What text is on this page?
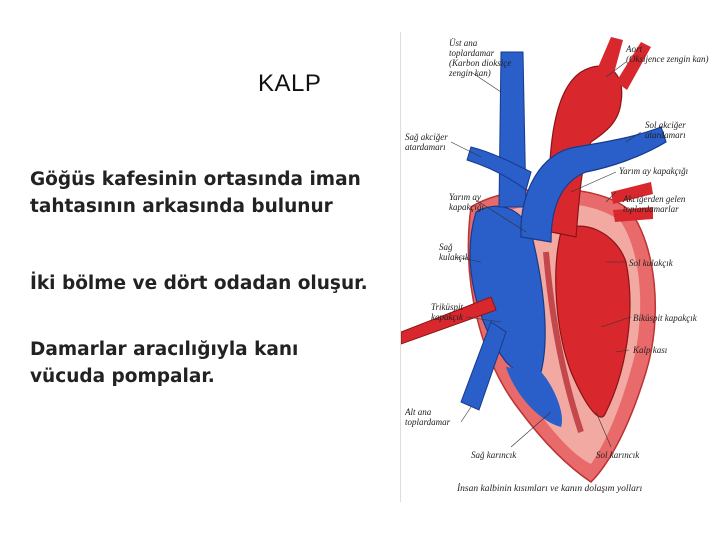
KALP
Göğüs kafesinin ortasında iman
tahtasının arkasında bulunur
İki bölme ve dört odadan oluşur.
Damarlar aracılığıyla kanı
vücuda pompalar.
Üst ana
toplardamar
(Karbon dioksiçe
zengin kan)
Aort
(Oksijence zengin kan)
Sağ akciğer
atardamarı
Sol akciğer
atardamarı
Yarım ay kapakçığı
Yarım ay
kapakçığı
Akciğerden gelen
toplardamarlar
Sağ
kulakçık
Sol kulakçık
Triküspit
kapakçık	Biküspit kapakçık
Kalp kası
Alt ana
toplardamar
Sağ karıncık	Sol karıncık
İnsan kalbinin kısımları ve kanın dolaşım yolları
